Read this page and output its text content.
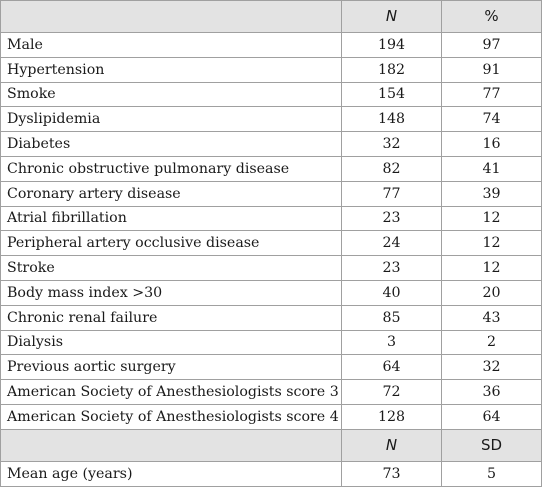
	N	%
Male	194	97
Hypertension	182	91
Smoke	154	77
Dyslipidemia	148	74
Diabetes	32	16
Chronic obstructive pulmonary disease	82	41
Coronary artery disease	77	39
Atrial fibrillation	23	12
Peripheral artery occlusive disease	24	12
Stroke	23	12
Body mass index >30	40	20
Chronic renal failure	85	43
Dialysis	3	2
Previous aortic surgery	64	32
American Society of Anesthesiologists score 3	72	36
American Society of Anesthesiologists score 4	128	64
	N	SD
Mean age (years)	73	5
